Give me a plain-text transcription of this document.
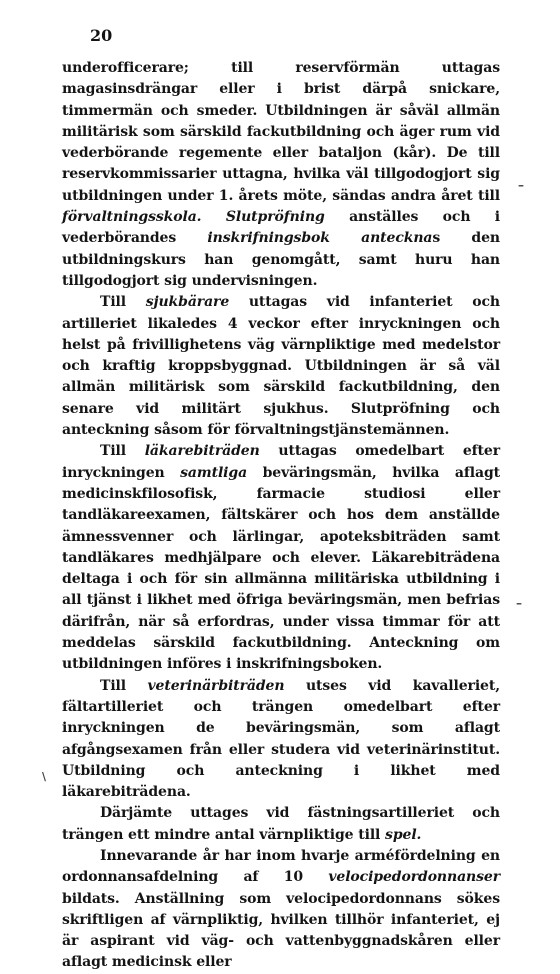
20

underofficerare; till reservförmän uttagas magasinsdrängar eller i brist därpå snickare, timmermän och smeder. Utbildningen är såväl allmän militärisk som särskild fackutbildning och äger rum vid vederbörande regemente eller bataljon (kår). De till reservkommissarier uttagna, hvilka väl tillgodogjort sig utbildningen under 1. årets möte, sändas andra året till förvaltningsskola. Slutpröfning anställes och i vederbörandes inskrifningsbok antecknas den utbildningskurs han genomgått, samt huru han tillgodogjort sig undervisningen.

Till sjukbärare uttagas vid infanteriet och artilleriet likaledes 4 veckor efter inryckningen och helst på frivillighetens väg värnpliktige med medelstor och kraftig kroppsbyggnad. Utbildningen är så väl allmän militärisk som särskild fackutbildning, den senare vid militärt sjukhus. Slutpröfning och anteckning såsom för förvaltningstjänstemännen.

Till läkarebiträden uttagas omedelbart efter inryckningen samtliga beväringsmän, hvilka aflagt medicinskfilosofisk, farmacie studiosi eller tandläkareexamen, fältskärer och hos dem anställde ämnessvenner och lärlingar, apoteksbiträden samt tandläkares medhjälpare och elever. Läkarebiträdena deltaga i och för sin allmänna militäriska utbildning i all tjänst i likhet med öfriga beväringsmän, men befrias därifrån, när så erfordras, under vissa timmar för att meddelas särskild fackutbildning. Anteckning om utbildningen införes i inskrifningsboken.

Till veterinärbiträden utses vid kavalleriet, fältartilleriet och trängen omedelbart efter inryckningen de beväringsmän, som aflagt afgångsexamen från eller studera vid veterinärinstitut. Utbildning och anteckning i likhet med läkarebiträdena.

Därjämte uttages vid fästningsartilleriet och trängen ett mindre antal värnpliktige till spel.

Innevarande år har inom hvarje arméfördelning en ordonnansafdelning af 10 velocipedordonnanser bildats. Anställning som velocipedordonnans sökes skriftligen af värnpliktig, hvilken tillhör infanteriet, ej är aspirant vid väg- och vattenbyggnadskåren eller aflagt medicinsk eller

–
–
\
